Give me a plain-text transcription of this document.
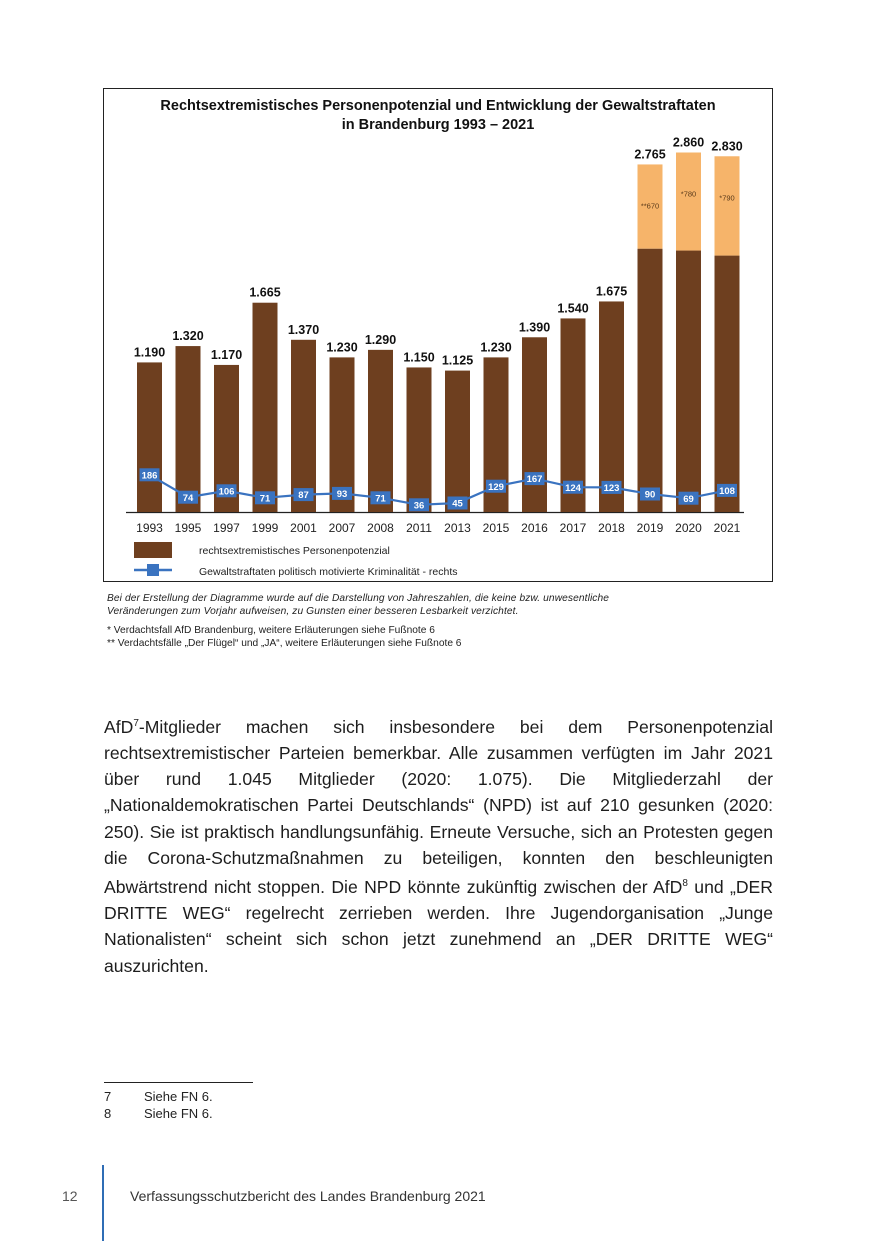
Rechtsextremistisches Personenpotenzial und Entwicklung der Gewaltstraftaten
in Brandenburg 1993 – 2021
1.190
1993
1.320
1995
1.170
1997
1.665
1999
1.370
2001
1.230
2007
1.290
2008
1.150
2011
1.125
2013
1.230
2015
1.390
2016
1.540
2017
1.675
2018
**670
2.765
2019
*780
2.860
2020
*790
2.830
2021
186
74
106
71	87	93	71
36	45
129
167
124 123
90	69
108
rechtsextremistisches Personenpotenzial
Gewaltstraftaten politisch motivierte Kriminalität - rechts
Bei der Erstellung der Diagramme wurde auf die Darstellung von Jahreszahlen, die keine bzw. unwesentliche
Veränderungen zum Vorjahr aufweisen, zu Gunsten einer besseren Lesbarkeit verzichtet.
* Verdachtsfall AfD Brandenburg, weitere Erläuterungen siehe Fußnote 6
** Verdachtsfälle „Der Flügel“ und „JA“, weitere Erläuterungen siehe Fußnote 6
AfD$^7$-Mitglieder machen sich insbesondere bei dem Personenpotenzial rechtsextremistischer Parteien bemerkbar. Alle zusammen verfügten im Jahr 2021 über rund 1.045 Mitglieder (2020: 1.075). Die Mitgliederzahl der „Nationaldemokratischen Partei Deutschlands“ (NPD) ist auf 210 gesunken (2020: 250). Sie ist praktisch handlungsunfähig. Erneute Versuche, sich an Protesten gegen die Corona-Schutzmaßnahmen zu beteiligen, konnten den beschleunigten Abwärtstrend nicht stoppen. Die NPD könnte zukünftig zwischen der AfD$^8$ und „DER DRITTE WEG“ regelrecht zerrieben werden. Ihre Jugendorganisation „Junge Nationalisten“ scheint sich schon jetzt zunehmend an „DER DRITTE WEG“ auszurichten.
7	Siehe FN 6.
8	Siehe FN 6.
12	Verfassungsschutzbericht des Landes Brandenburg 2021
